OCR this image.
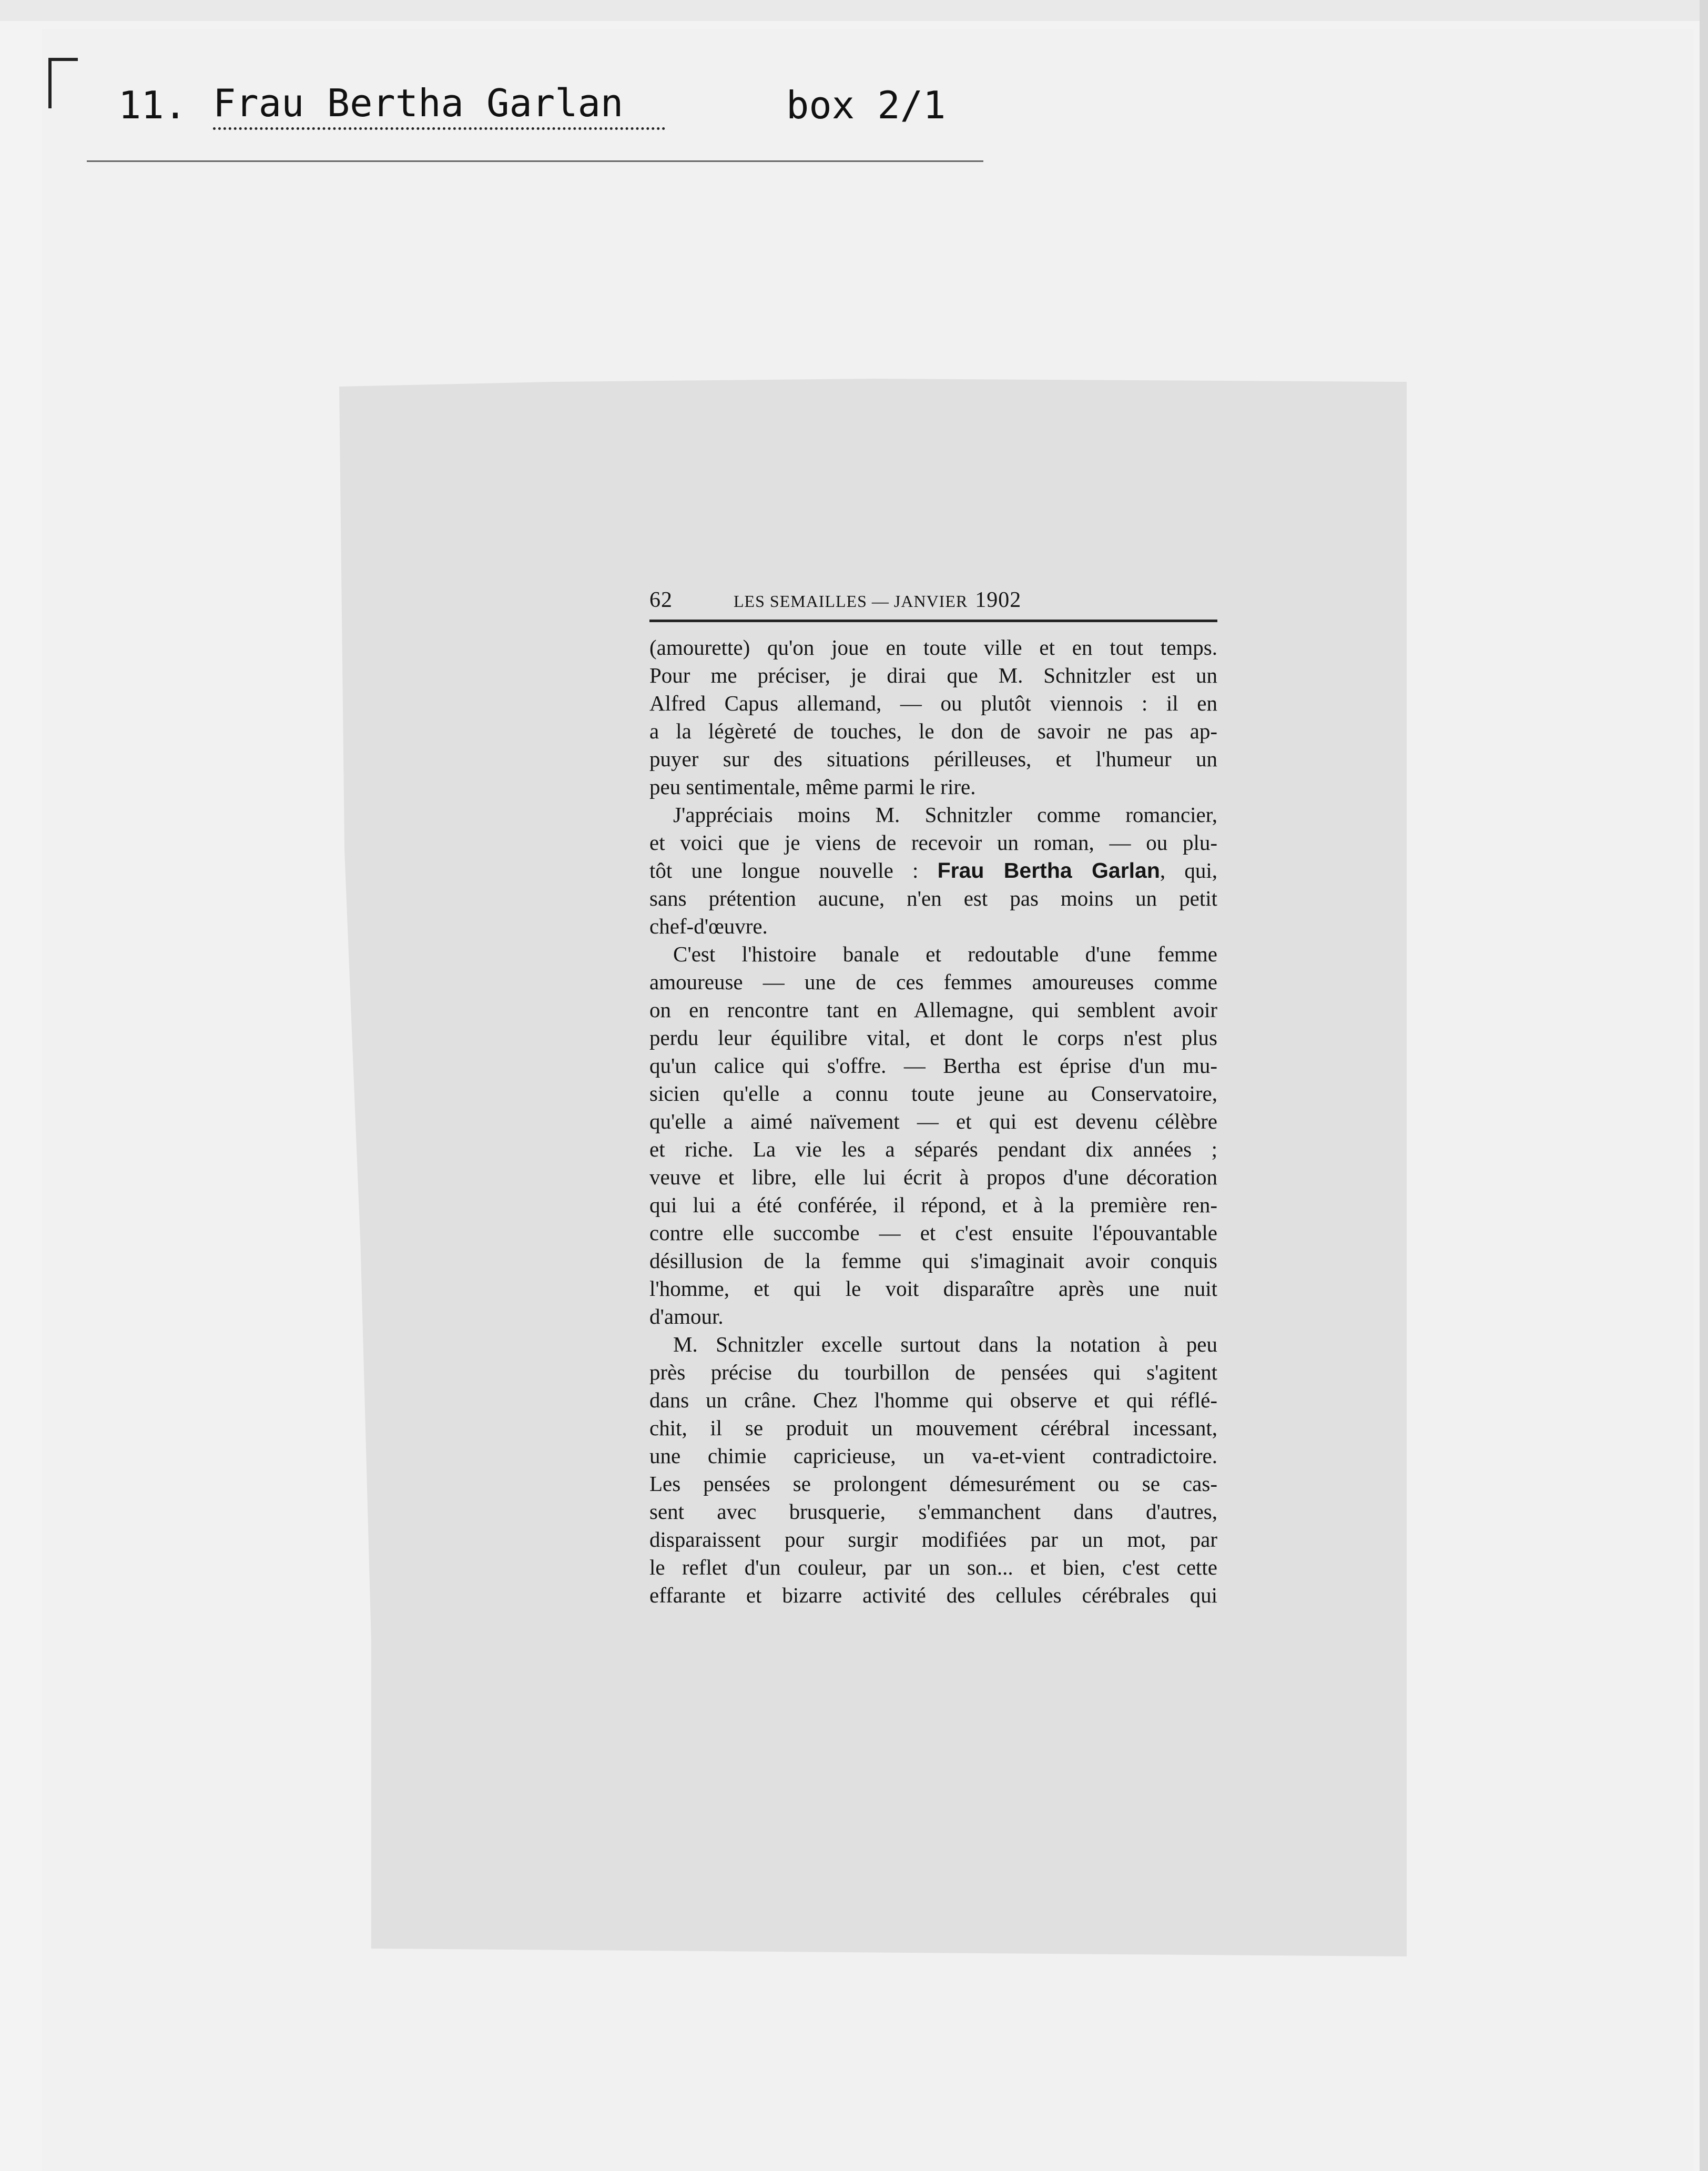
11. Frau Bertha Garlan	box 2/1
62	LES SEMAILLES — JANVIER 1902
(amourette) qu'on joue en toute ville et en tout temps.
Pour me préciser, je dirai que M. Schnitzler est un
Alfred Capus allemand, — ou plutôt viennois : il en
a la légèreté de touches, le don de savoir ne pas ap-
puyer sur des situations périlleuses, et l'humeur un
peu sentimentale, même parmi le rire.
J'appréciais moins M. Schnitzler comme romancier,
et voici que je viens de recevoir un roman, — ou plu-
tôt une longue nouvelle : Frau Bertha Garlan, qui,
sans prétention aucune, n'en est pas moins un petit
chef-d'œuvre.
C'est l'histoire banale et redoutable d'une femme
amoureuse — une de ces femmes amoureuses comme
on en rencontre tant en Allemagne, qui semblent avoir
perdu leur équilibre vital, et dont le corps n'est plus
qu'un calice qui s'offre. — Bertha est éprise d'un mu-
sicien qu'elle a connu toute jeune au Conservatoire,
qu'elle a aimé naïvement — et qui est devenu célèbre
et riche. La vie les a séparés pendant dix années ;
veuve et libre, elle lui écrit à propos d'une décoration
qui lui a été conférée, il répond, et à la première ren-
contre elle succombe — et c'est ensuite l'épouvantable
désillusion de la femme qui s'imaginait avoir conquis
l'homme, et qui le voit disparaître après une nuit
d'amour.
M. Schnitzler excelle surtout dans la notation à peu
près précise du tourbillon de pensées qui s'agitent
dans un crâne. Chez l'homme qui observe et qui réflé-
chit, il se produit un mouvement cérébral incessant,
une chimie capricieuse, un va-et-vient contradictoire.
Les pensées se prolongent démesurément ou se cas-
sent avec brusquerie, s'emmanchent dans d'autres,
disparaissent pour surgir modifiées par un mot, par
le reflet d'un couleur, par un son... et bien, c'est cette
effarante et bizarre activité des cellules cérébrales qui
